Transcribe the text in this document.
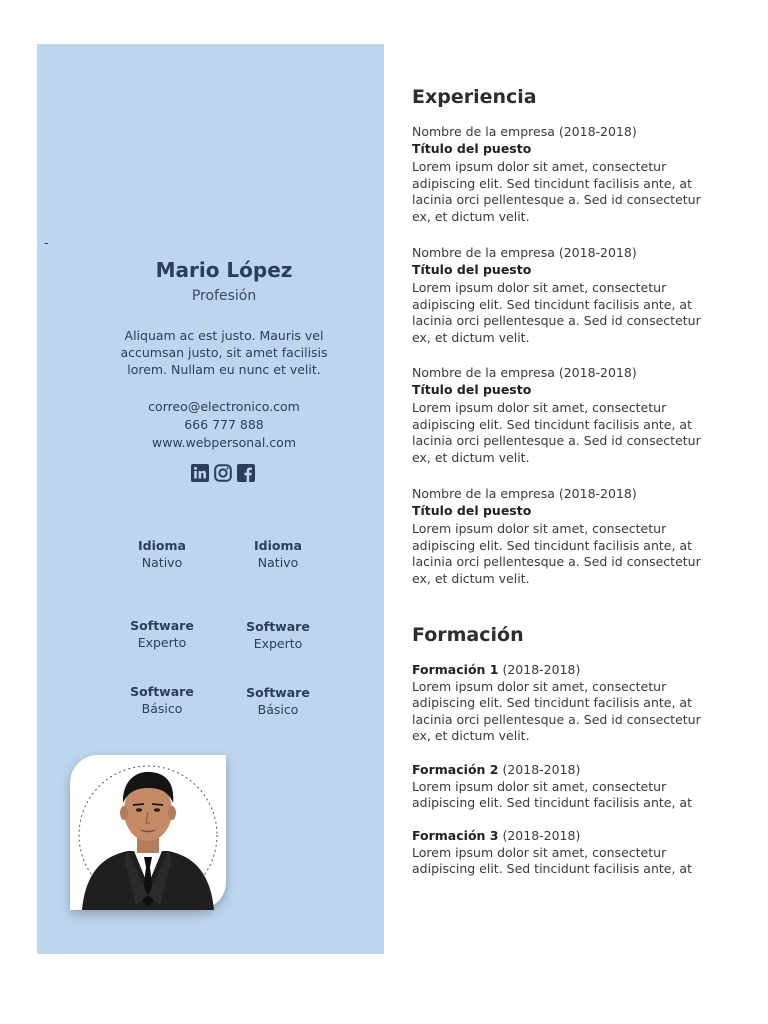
-
Mario López
Profesión
Aliquam ac est justo. Mauris vel accumsan justo, sit amet facilisis lorem. Nullam eu nunc et velit.
correo@electronico.com
666 777 888
www.webpersonal.com
Idioma
Nativo
Idioma
Nativo
Software
Experto
Software
Experto
Software
Básico
Software
Básico
Experiencia
Nombre de la empresa (2018-2018)
Título del puesto
Lorem ipsum dolor sit amet, consectetur adipiscing elit. Sed tincidunt facilisis ante, at lacinia orci pellentesque a. Sed id consectetur ex, et dictum velit.
Nombre de la empresa (2018-2018)
Título del puesto
Lorem ipsum dolor sit amet, consectetur adipiscing elit. Sed tincidunt facilisis ante, at lacinia orci pellentesque a. Sed id consectetur ex, et dictum velit.
Nombre de la empresa (2018-2018)
Título del puesto
Lorem ipsum dolor sit amet, consectetur adipiscing elit. Sed tincidunt facilisis ante, at lacinia orci pellentesque a. Sed id consectetur ex, et dictum velit.
Nombre de la empresa (2018-2018)
Título del puesto
Lorem ipsum dolor sit amet, consectetur adipiscing elit. Sed tincidunt facilisis ante, at lacinia orci pellentesque a. Sed id consectetur ex, et dictum velit.
Formación
Formación 1 (2018-2018)
Lorem ipsum dolor sit amet, consectetur adipiscing elit. Sed tincidunt facilisis ante, at lacinia orci pellentesque a. Sed id consectetur ex, et dictum velit.
Formación 2 (2018-2018)
Lorem ipsum dolor sit amet, consectetur adipiscing elit. Sed tincidunt facilisis ante, at
Formación 3 (2018-2018)
Lorem ipsum dolor sit amet, consectetur adipiscing elit. Sed tincidunt facilisis ante, at
